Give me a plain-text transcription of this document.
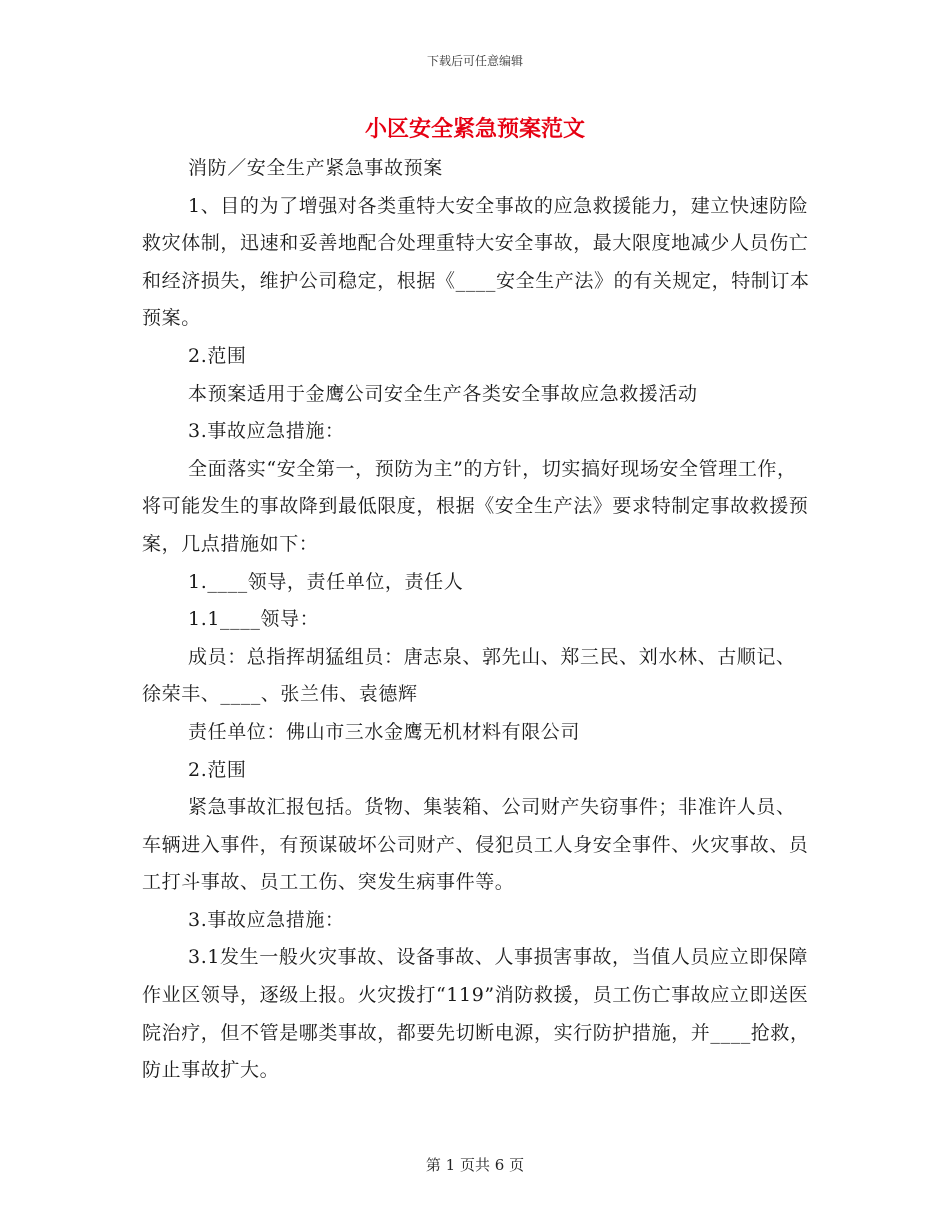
下载后可任意编辑
小区安全紧急预案范文

消防／安全生产紧急事故预案

1、目的为了增强对各类重特大安全事故的应急救援能力，建立快速防险救灾体制，迅速和妥善地配合处理重特大安全事故，最大限度地减少人员伤亡和经济损失，维护公司稳定，根据《____安全生产法》的有关规定，特制订本预案。

2.范围

本预案适用于金鹰公司安全生产各类安全事故应急救援活动

3.事故应急措施：

全面落实“安全第一，预防为主”的方针，切实搞好现场安全管理工作，将可能发生的事故降到最低限度，根据《安全生产法》要求特制定事故救援预案，几点措施如下：

1.____领导，责任单位，责任人

1.1____领导：

成员：总指挥胡猛组员：唐志泉、郭先山、郑三民、刘水林、古顺记、徐荣丰、____、张兰伟、袁德辉

责任单位：佛山市三水金鹰无机材料有限公司

2.范围

紧急事故汇报包括。货物、集装箱、公司财产失窃事件；非准许人员、车辆进入事件，有预谋破坏公司财产、侵犯员工人身安全事件、火灾事故、员工打斗事故、员工工伤、突发生病事件等。

3.事故应急措施：

3.1发生一般火灾事故、设备事故、人事损害事故，当值人员应立即保障作业区领导，逐级上报。火灾拨打“119”消防救援，员工伤亡事故应立即送医院治疗，但不管是哪类事故，都要先切断电源，实行防护措施，并____抢救，防止事故扩大。

第 1 页共 6 页
